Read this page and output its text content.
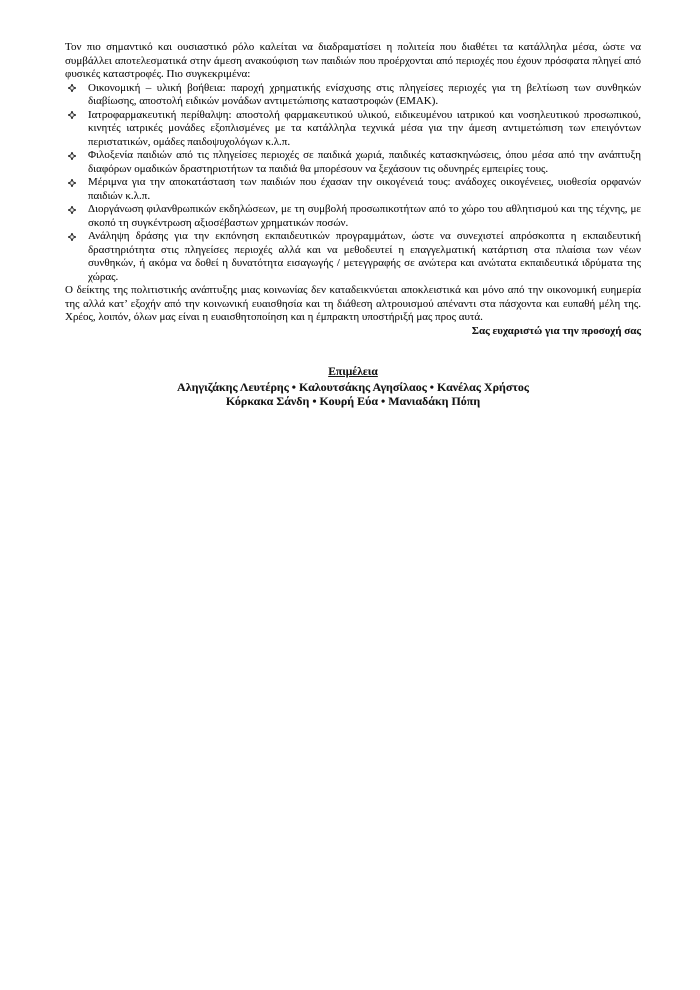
Τον πιο σημαντικό και ουσιαστικό ρόλο καλείται να διαδραματίσει η πολιτεία που διαθέτει τα κατάλληλα μέσα, ώστε να συμβάλλει αποτελεσματικά στην άμεση ανακούφιση των παιδιών που προέρχονται από περιοχές που έχουν πρόσφατα πληγεί από φυσικές καταστροφές. Πιο συγκεκριμένα:

Οικονομική – υλική βοήθεια: παροχή χρηματικής ενίσχυσης στις πληγείσες περιοχές για τη βελτίωση των συνθηκών διαβίωσης, αποστολή ειδικών μονάδων αντιμετώπισης καταστροφών (ΕΜΑΚ).
Ιατροφαρμακευτική περίθαλψη: αποστολή φαρμακευτικού υλικού, ειδικευμένου ιατρικού και νοσηλευτικού προσωπικού, κινητές ιατρικές μονάδες εξοπλισμένες με τα κατάλληλα τεχνικά μέσα για την άμεση αντιμετώπιση των επειγόντων περιστατικών, ομάδες παιδοψυχολόγων κ.λ.π.
Φιλοξενία παιδιών από τις πληγείσες περιοχές σε παιδικά χωριά, παιδικές κατασκηνώσεις, όπου μέσα από την ανάπτυξη διαφόρων ομαδικών δραστηριοτήτων τα παιδιά θα μπορέσουν να ξεχάσουν τις οδυνηρές εμπειρίες τους.
Μέριμνα για την αποκατάσταση των παιδιών που έχασαν την οικογένειά τους: ανάδοχες οικογένειες, υιοθεσία ορφανών παιδιών κ.λ.π.
Διοργάνωση φιλανθρωπικών εκδηλώσεων, με τη συμβολή προσωπικοτήτων από το χώρο του αθλητισμού και της τέχνης, με σκοπό τη συγκέντρωση αξιοσέβαστων χρηματικών ποσών.
Ανάληψη δράσης για την εκπόνηση εκπαιδευτικών προγραμμάτων, ώστε να συνεχιστεί απρόσκοπτα η εκπαιδευτική δραστηριότητα στις πληγείσες περιοχές αλλά και να μεθοδευτεί η επαγγελματική κατάρτιση στα πλαίσια των νέων συνθηκών, ή ακόμα να δοθεί η δυνατότητα εισαγωγής / μετεγγραφής σε ανώτερα και ανώτατα εκπαιδευτικά ιδρύματα της χώρας.

Ο δείκτης της πολιτιστικής ανάπτυξης μιας κοινωνίας δεν καταδεικνύεται αποκλειστικά και μόνο από την οικονομική ευημερία της αλλά κατ’ εξοχήν από την κοινωνική ευαισθησία και τη διάθεση αλτρουισμού απέναντι στα πάσχοντα και ευπαθή μέλη της. Χρέος, λοιπόν, όλων μας είναι η ευαισθητοποίηση και η έμπρακτη υποστήριξή μας προς αυτά.

Σας ευχαριστώ για την προσοχή σας

Επιμέλεια
Αληγιζάκης Λευτέρης • Καλουτσάκης Αγησίλαος • Κανέλας Χρήστος
Κόρκακα Σάνδη • Κουρή Εύα • Μανιαδάκη Πόπη
